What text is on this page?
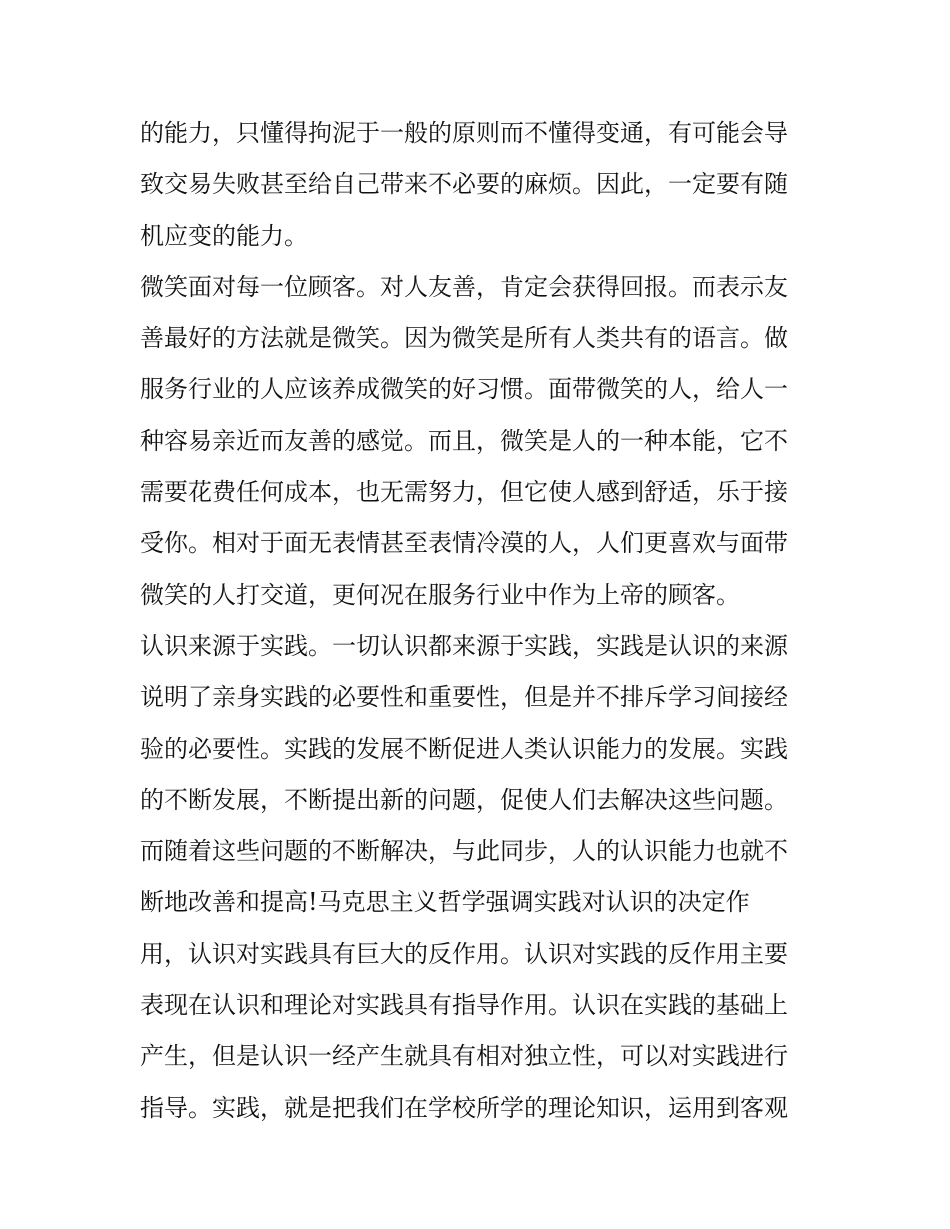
的能力，只懂得拘泥于一般的原则而不懂得变通，有可能会导
致交易失败甚至给自己带来不必要的麻烦。因此，一定要有随
机应变的能力。
微笑面对每一位顾客。对人友善，肯定会获得回报。而表示友
善最好的方法就是微笑。因为微笑是所有人类共有的语言。做
服务行业的人应该养成微笑的好习惯。面带微笑的人，给人一
种容易亲近而友善的感觉。而且，微笑是人的一种本能，它不
需要花费任何成本，也无需努力，但它使人感到舒适，乐于接
受你。相对于面无表情甚至表情冷漠的人，人们更喜欢与面带
微笑的人打交道，更何况在服务行业中作为上帝的顾客。
认识来源于实践。一切认识都来源于实践，实践是认识的来源
说明了亲身实践的必要性和重要性，但是并不排斥学习间接经
验的必要性。实践的发展不断促进人类认识能力的发展。实践
的不断发展，不断提出新的问题，促使人们去解决这些问题。
而随着这些问题的不断解决，与此同步，人的认识能力也就不
断地改善和提高!马克思主义哲学强调实践对认识的决定作
用，认识对实践具有巨大的反作用。认识对实践的反作用主要
表现在认识和理论对实践具有指导作用。认识在实践的基础上
产生，但是认识一经产生就具有相对独立性，可以对实践进行
指导。实践，就是把我们在学校所学的理论知识，运用到客观
